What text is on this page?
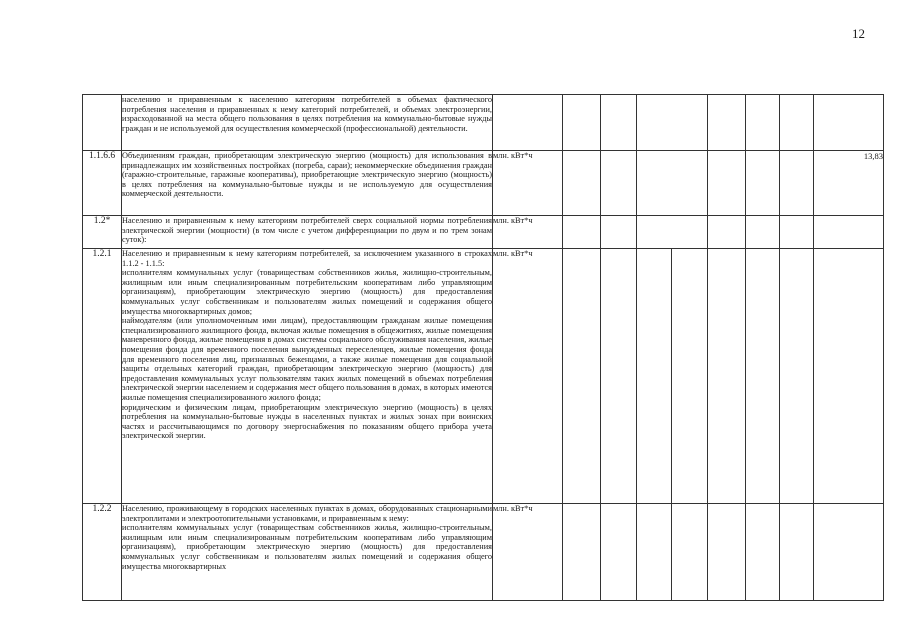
12

	населению и приравненным к населению категориям потребителей в объемах фактического потребления населения и приравненных к нему категорий потребителей, и объемах электроэнергии, израсходованной на места общего пользования в целях потребления на коммунально-бытовые нужды граждан и не используемой для осуществления коммерческой (профессиональной) деятельности.								

1.1.6.6	Объединениям граждан, приобретающим электрическую энергию (мощность) для использования в принадлежащих им хозяйственных постройках (погреба, сараи); некоммерческие объединения граждан (гаражно-строительные, гаражные кооперативы), приобретающие электрическую энергию (мощность) в целях потребления на коммунально-бытовые нужды и не используемую для осуществления коммерческой деятельности.	млн. кВт*ч							13,83
1.2*	Населению и приравненным к нему категориям потребителей сверх социальной нормы потребления электрической энергии (мощности) (в том числе с учетом дифференциации по двум и по трем зонам суток):	млн. кВт*ч							
1.2.1	Населению и приравненным к нему категориям потребителей, за исключением указанного в строках 1.1.2 - 1.1.5:

исполнителям коммунальных услуг (товариществам собственников жилья, жилищно-строительным, жилищным или иным специализированным потребительским кооперативам либо управляющим организациям), приобретающим электрическую энергию (мощность) для предоставления коммунальных услуг собственникам и пользователям жилых помещений и содержания общего имущества многоквартирных домов;

наймодателям (или уполномоченным ими лицам), предоставляющим гражданам жилые помещения специализированного жилищного фонда, включая жилые помещения в общежитиях, жилые помещения маневренного фонда, жилые помещения в домах системы социального обслуживания населения, жилые помещения фонда для временного поселения вынужденных переселенцев, жилые помещения фонда для временного поселения лиц, признанных беженцами, а также жилые помещения для социальной защиты отдельных категорий граждан, приобретающим электрическую энергию (мощность) для предоставления коммунальных услуг пользователям таких жилых помещений в объемах потребления электрической энергии населением и содержания мест общего пользования в домах, в которых имеются жилые помещения специализированного жилого фонда;

юридическим и физическим лицам, приобретающим электрическую энергию (мощность) в целях потребления на коммунально-бытовые нужды в населенных пунктах и жилых зонах при воинских частях и рассчитывающимся по договору энергоснабжения по показаниям общего прибора учета электрической энергии.	млн. кВт*ч			

1.2.2	Населению, проживающему в городских населенных пунктах в домах, оборудованных стационарными электроплитами и электроотопительными установками, и приравненным к нему:

исполнителям коммунальных услуг (товариществам собственников жилья, жилищно-строительным, жилищным или иным специализированным потребительским кооперативам либо управляющим организациям), приобретающим электрическую энергию (мощность) для предоставления коммунальных услуг собственникам и пользователям жилых помещений и содержания общего имущества многоквартирных	млн. кВт*ч			
